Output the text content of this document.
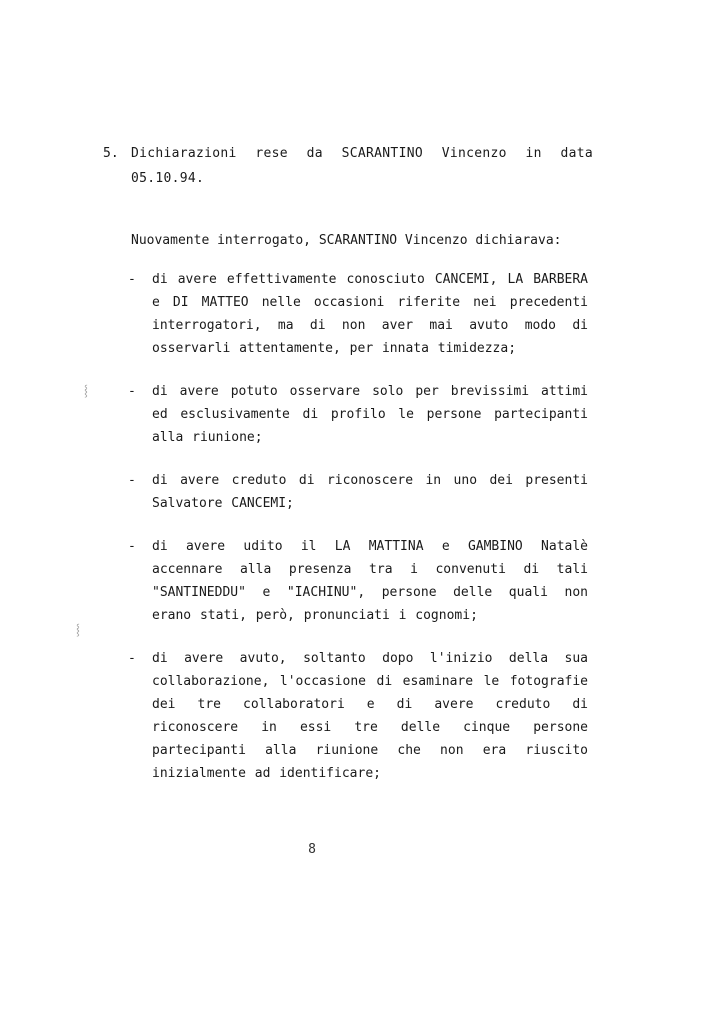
5. Dichiarazioni rese da SCARANTINO Vincenzo in data 05.10.94.
Nuovamente interrogato, SCARANTINO Vincenzo dichiarava:
- di avere effettivamente conosciuto CANCEMI, LA BARBERA e DI MATTEO nelle occasioni riferite nei precedenti interrogatori, ma di non aver mai avuto modo di osservarli attentamente, per innata timidezza;
- di avere potuto osservare solo per brevissimi attimi ed esclusivamente di profilo le persone partecipanti alla riunione;
- di avere creduto di riconoscere in uno dei presenti Salvatore CANCEMI;
- di avere udito il LA MATTINA e GAMBINO Natalè accennare alla presenza tra i convenuti di tali "SANTINEDDU" e "IACHINU", persone delle quali non erano stati, però, pronunciati i cognomi;
- di avere avuto, soltanto dopo l'inizio della sua collaborazione, l'occasione di esaminare le fotografie dei tre collaboratori e di avere creduto di riconoscere in essi tre delle cinque persone partecipanti alla riunione che non era riuscito inizialmente ad identificare;
8
⸾
⸾
